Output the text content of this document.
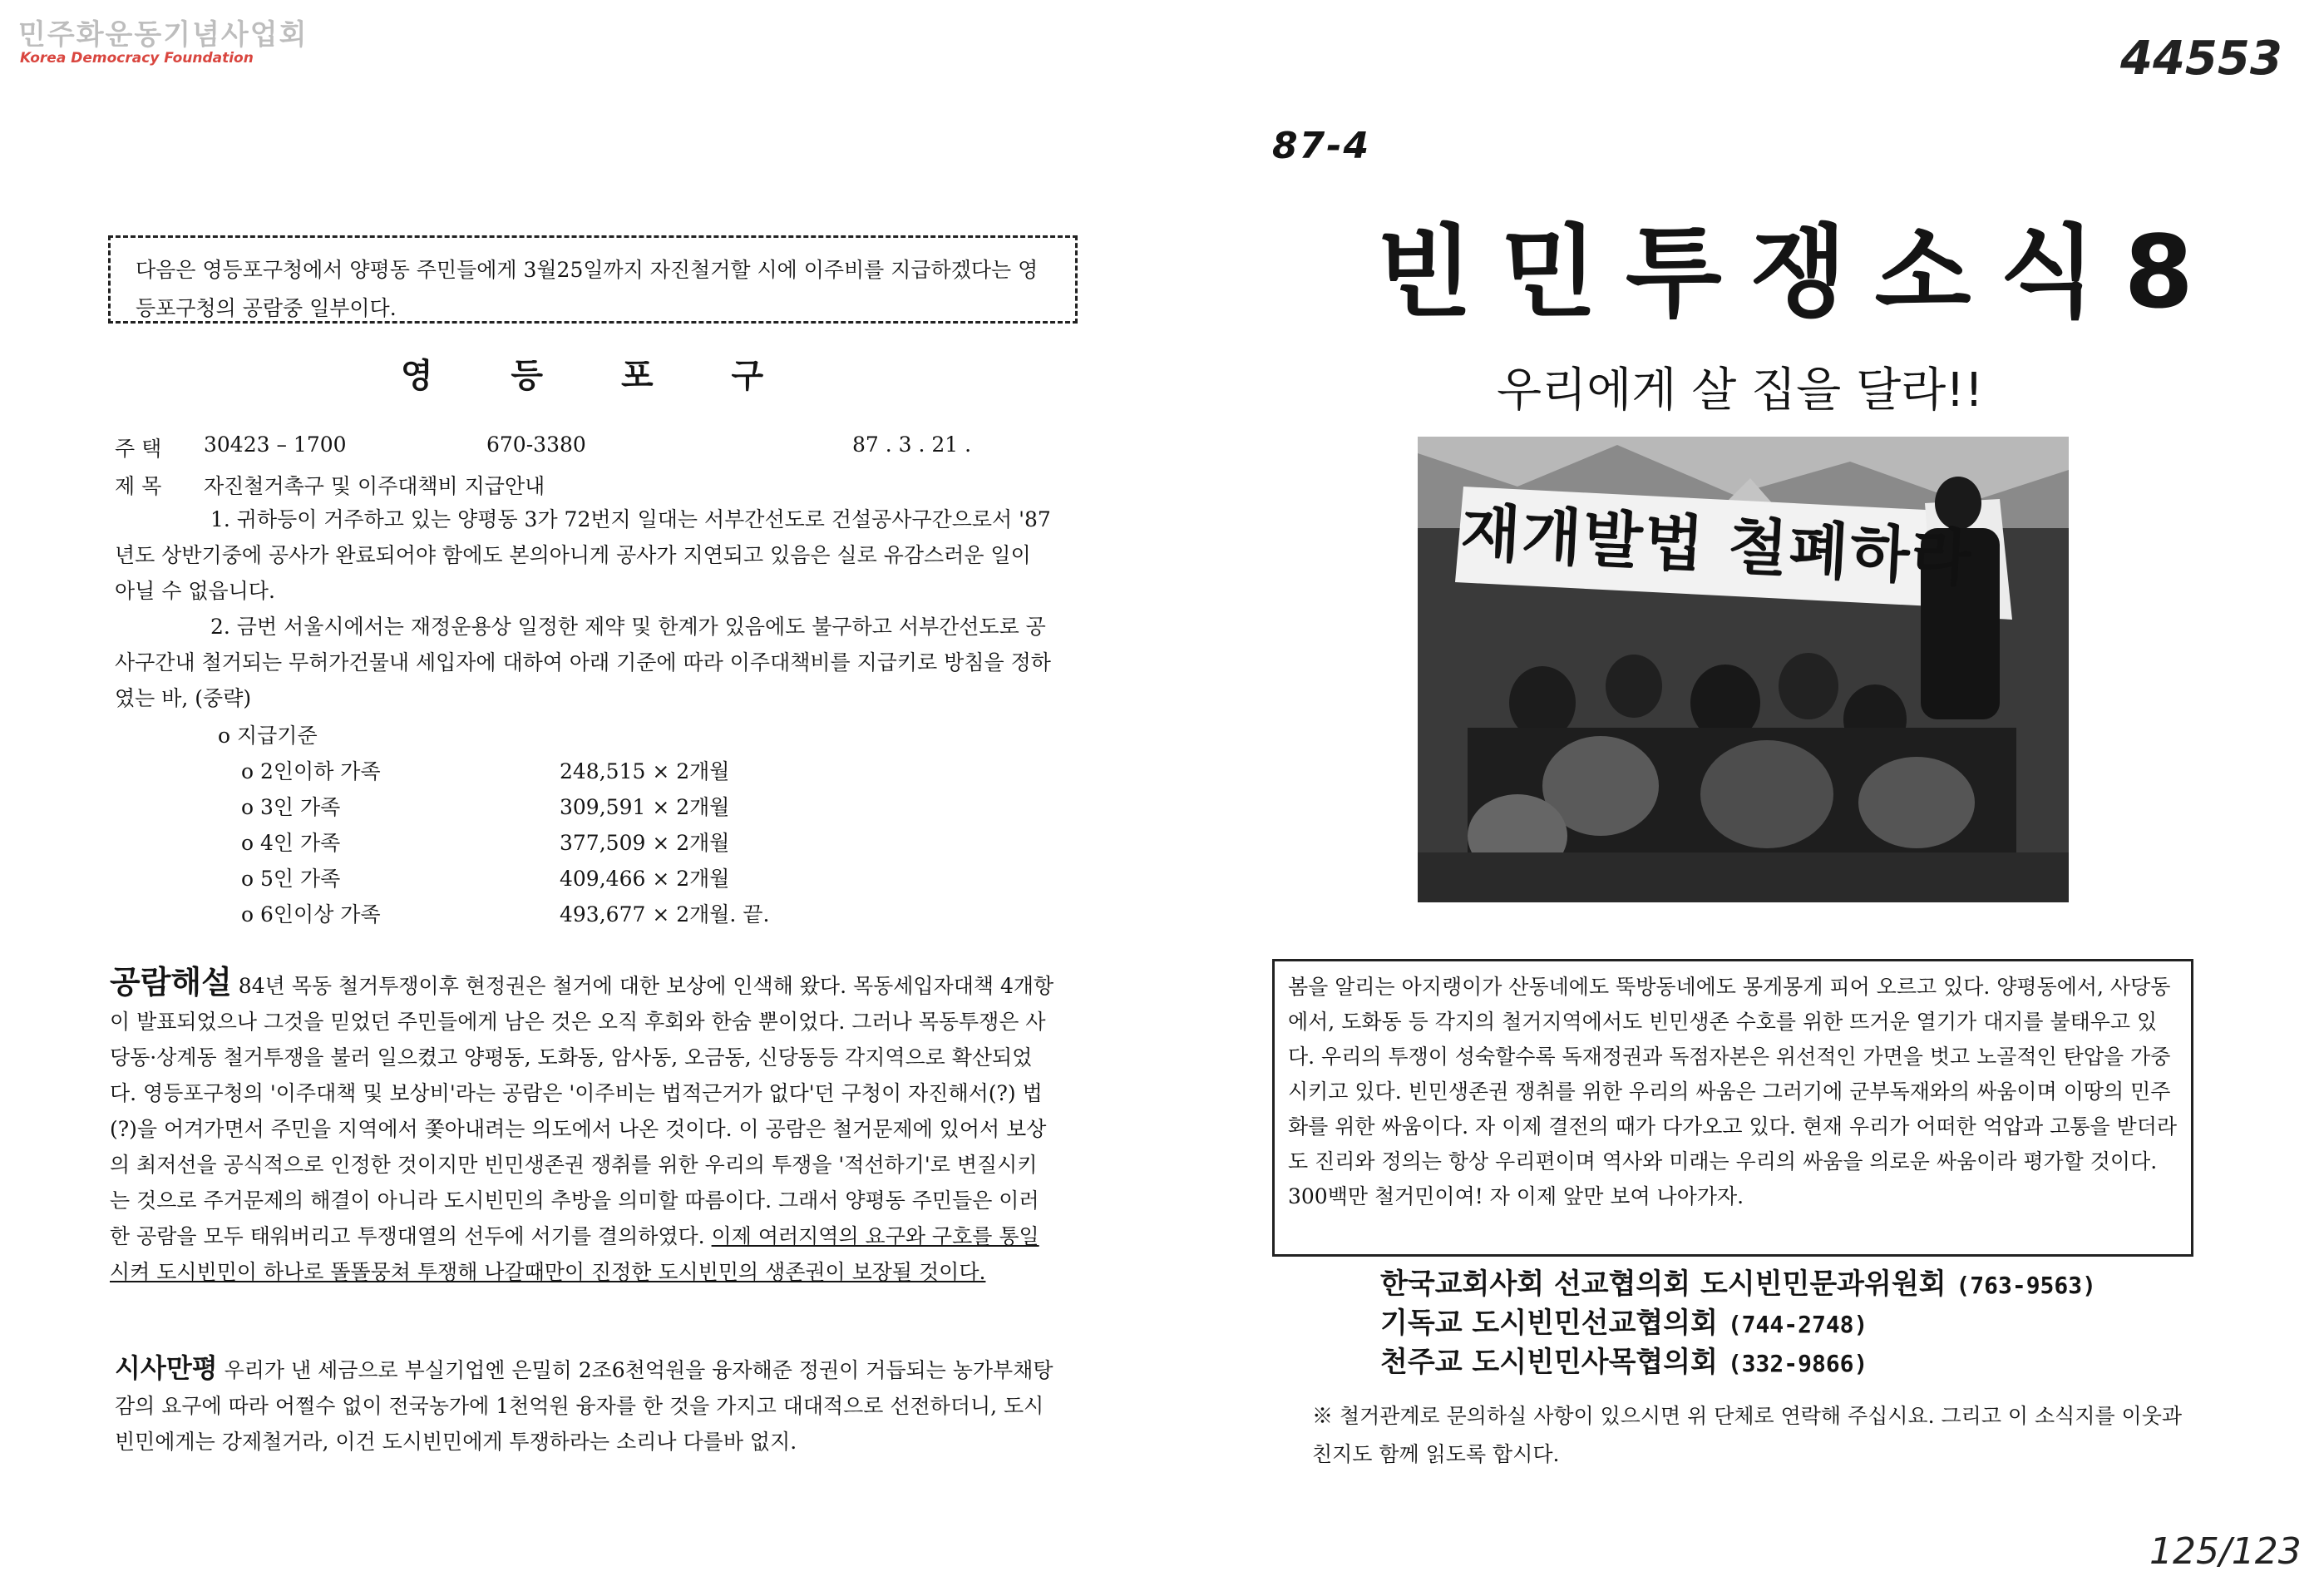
민주화운동기념사업회
Korea Democracy Foundation	44553
125/123
다음은 영등포구청에서 양평동 주민들에게 3월25일까지 자진철거할 시에 이주비를 지급하겠다는 영등포구청의 공람중 일부이다.
영 등 포 구
주 택 30423 – 1700	670-3380	87 . 3 . 21 .
제 목 자진철거촉구 및 이주대책비 지급안내

1. 귀하등이 거주하고 있는 양평동 3가 72번지 일대는 서부간선도로 건설공사구간으로서 '87년도 상반기중에 공사가 완료되어야 함에도 본의아니게 공사가 지연되고 있음은 실로 유감스러운 일이 아닐 수 없읍니다.

2. 금번 서울시에서는 재정운용상 일정한 제약 및 한계가 있음에도 불구하고 서부간선도로 공사구간내 철거되는 무허가건물내 세입자에 대하여 아래 기준에 따라 이주대책비를 지급키로 방침을 정하였는 바, (중략)

o 지급기준
o 2인이하 가족	248,515 × 2개월
o 3인 가족	309,591 × 2개월
o 4인 가족	377,509 × 2개월
o 5인 가족	409,466 × 2개월
o 6인이상 가족	493,677 × 2개월. 끝.

공람해설 84년 목동 철거투쟁이후 현정권은 철거에 대한 보상에 인색해 왔다. 목동세입자대책 4개항이 발표되었으나 그것을 믿었던 주민들에게 남은 것은 오직 후회와 한숨 뿐이었다. 그러나 목동투쟁은 사당동·상계동 철거투쟁을 불러 일으켰고 양평동, 도화동, 암사동, 오금동, 신당동등 각지역으로 확산되었다. 영등포구청의 '이주대책 및 보상비'라는 공람은 '이주비는 법적근거가 없다'던 구청이 자진해서(?) 법(?)을 어겨가면서 주민을 지역에서 쫓아내려는 의도에서 나온 것이다. 이 공람은 철거문제에 있어서 보상의 최저선을 공식적으로 인정한 것이지만 빈민생존권 쟁취를 위한 우리의 투쟁을 '적선하기'로 변질시키는 것으로 주거문제의 해결이 아니라 도시빈민의 추방을 의미할 따름이다. 그래서 양평동 주민들은 이러한 공람을 모두 태워버리고 투쟁대열의 선두에 서기를 결의하였다. 이제 여러지역의 요구와 구호를 통일시켜 도시빈민이 하나로 똘똘뭉쳐 투쟁해 나갈때만이 진정한 도시빈민의 생존권이 보장될 것이다.

시사만평 우리가 낸 세금으로 부실기업엔 은밀히 2조6천억원을 융자해준 정권이 거듭되는 농가부채탕감의 요구에 따라 어쩔수 없이 전국농가에 1천억원 융자를 한 것을 가지고 대대적으로 선전하더니, 도시빈민에게는 강제철거라, 이건 도시빈민에게 투쟁하라는 소리나 다를바 없지.

87-4
빈민투쟁소식8
우리에게 살 집을 달라!!
재개발법 철폐하라

봄을 알리는 아지랭이가 산동네에도 뚝방동네에도 몽게몽게 피어 오르고 있다. 양평동에서, 사당동에서, 도화동 등 각지의 철거지역에서도 빈민생존 수호를 위한 뜨거운 열기가 대지를 불태우고 있다. 우리의 투쟁이 성숙할수록 독재정권과 독점자본은 위선적인 가면을 벗고 노골적인 탄압을 가중시키고 있다. 빈민생존권 쟁취를 위한 우리의 싸움은 그러기에 군부독재와의 싸움이며 이땅의 민주화를 위한 싸움이다. 자 이제 결전의 때가 다가오고 있다. 현재 우리가 어떠한 억압과 고통을 받더라도 진리와 정의는 항상 우리편이며 역사와 미래는 우리의 싸움을 의로운 싸움이라 평가할 것이다. 300백만 철거민이여! 자 이제 앞만 보여 나아가자.

한국교회사회 선교협의회 도시빈민문과위원회 (763-9563)
기독교 도시빈민선교협의회 (744-2748)
천주교 도시빈민사목협의회 (332-9866)

※ 철거관계로 문의하실 사항이 있으시면 위 단체로 연락해 주십시요. 그리고 이 소식지를 이웃과 친지도 함께 읽도록 합시다.
